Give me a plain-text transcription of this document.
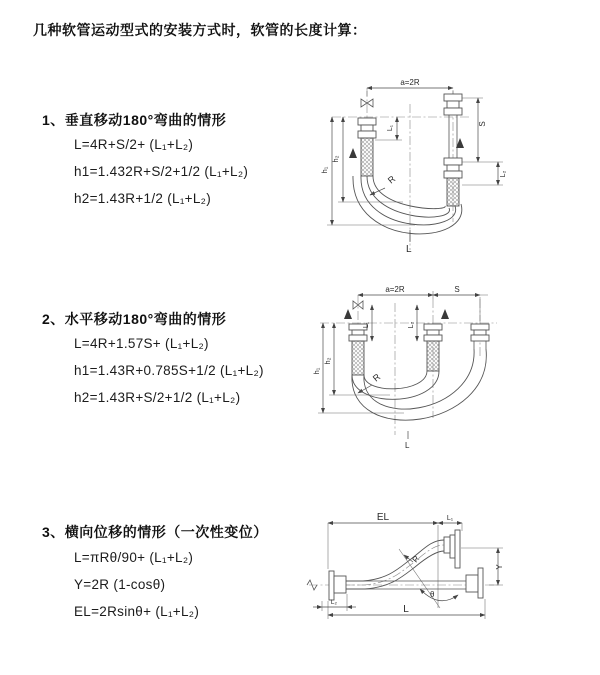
几种软管运动型式的安装方式时，软管的长度计算：
1、垂直移动180°弯曲的情形
L=4R+S/2+ (L₁+L₂)
h1=1.432R+S/2+1/2 (L₁+L₂)
h2=1.43R+1/2 (L₁+L₂)
2、水平移动180°弯曲的情形
L=4R+1.57S+ (L₁+L₂)
h1=1.43R+0.785S+1/2 (L₁+L₂)
h2=1.43R+S/2+1/2 (L₁+L₂)
3、横向位移的情形（一次性变位）
L=πRθ/90+ (L₁+L₂)
Y=2R (1-cosθ)
EL=2Rsinθ+ (L₁+L₂)
a=2R
S
L₁
L₂
h₁
h₂
R
L
a=2R	S
L₁	L₂
h₁
h₂
R
L
EL	L₁
Y
R
θ
L
L₂
